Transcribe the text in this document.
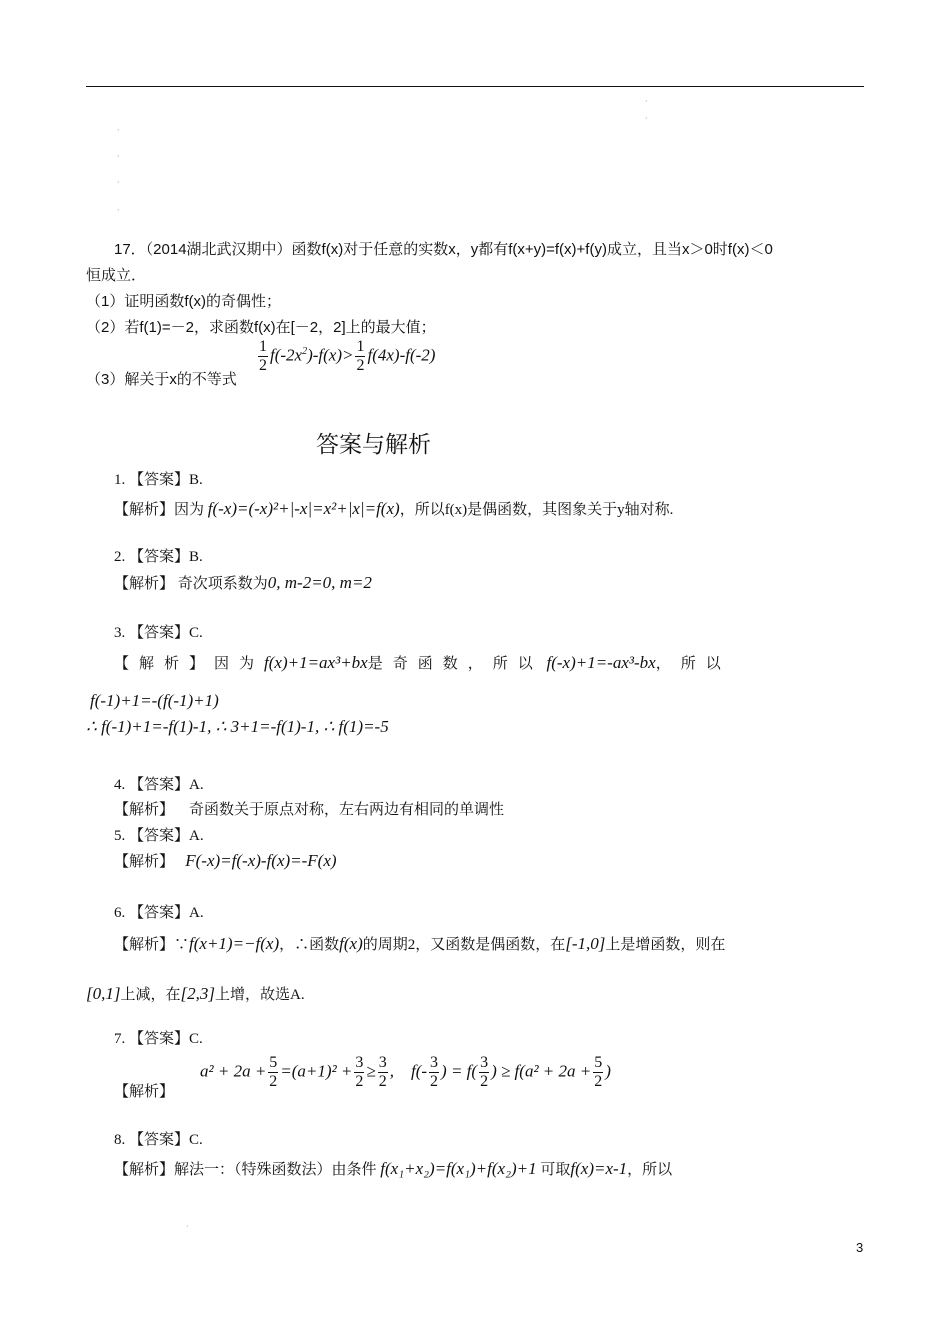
·
·
·
·
·
·
17．（2014湖北武汉期中）函数f(x)对于任意的实数x，y都有f(x+y)=f(x)+f(y)成立，且当x＞0时f(x)＜0
恒成立．
（1）证明函数f(x)的奇偶性；
（2）若f(1)=－2，求函数f(x)在[－2，2]上的最大值；
（3）解关于x的不等式
$\frac{1}{2} f(-2x^2)-f(x)> \frac{1}{2} f(4x)-f(-2)$
答案与解析
1. 【答案】B.
【解析】因为 f(-x)=(-x)²+|-x|=x²+|x|=f(x)，所以f(x)是偶函数，其图象关于y轴对称.
2. 【答案】B.
【解析】 奇次项系数为0, m-2=0, m=2
3. 【答案】C.
【解析】因为f(x)+1=ax³+bx是奇函数，所以 f(-x)+1=-ax³-bx，所以
f(-1)+1=-(f(-1)+1)
∴ f(-1)+1=-f(1)-1, ∴ 3+1=-f(1)-1, ∴ f(1)=-5
4. 【答案】A.
【解析】 奇函数关于原点对称，左右两边有相同的单调性
5. 【答案】A.
【解析】 F(-x)=f(-x)-f(x)=-F(x)
6. 【答案】A.
【解析】∵f(x+1)=−f(x)，∴函数f(x)的周期2，又函数是偶函数，在[-1,0]上是增函数，则在
[0,1]上减，在[2,3]上增，故选A.
7. 【答案】C.
【解析】
$a^2 + 2a + \frac{5}{2} =(a+1)^2 + \frac{3}{2} \ge \frac{3}{2}$ ,    $f(- \frac{3}{2}$ ) = $f( \frac{3}{2}$ ) ≥ $f(a^2 + 2a + \frac{5}{2}$ )
8. 【答案】C.
【解析】解法一：（特殊函数法）由条件 f(x₁+x₂)=f(x₁)+f(x₂)+1 可取f(x)=x-1，所以
·
3
